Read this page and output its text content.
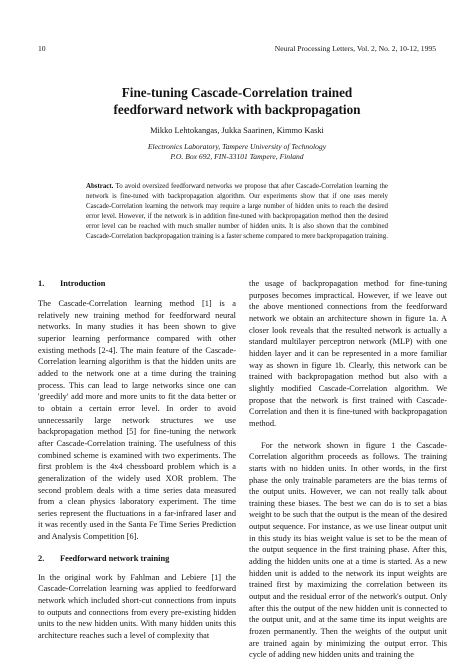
10	Neural Processing Letters, Vol. 2, No. 2, 10-12, 1995
Fine-tuning Cascade-Correlation trained
feedforward network with backpropagation
Mikko Lehtokangas, Jukka Saarinen, Kimmo Kaski
Electronics Laboratory, Tampere University of Technology
P.O. Box 692, FIN-33101 Tampere, Finland
Abstract. To avoid oversized feedforward networks we propose that after Cascade-Correlation learning the network is fine-tuned with backpropagation algorithm. Our experiments show that if one uses merely Cascade-Correlation learning the network may require a large number of hidden units to reach the desired error level. However, if the network is in addition fine-tuned with backpropagation method then the desired error level can be reached with much smaller number of hidden units. It is also shown that the combined Cascade-Correlation backpropagation training is a faster scheme compared to mere backpropagation training.

1. Introduction

The Cascade-Correlation learning method [1] is a relatively new training method for feedforward neural networks. In many studies it has been shown to give superior learning performance compared with other existing methods [2-4]. The main feature of the Cascade-Correlation learning algorithm is that the hidden units are added to the network one at a time during the training process. This can lead to large networks since one can 'greedily' add more and more units to fit the data better or to obtain a certain error level. In order to avoid unnecessarily large network structures we use backpropagation method [5] for fine-tuning the network after Cascade-Correlation training. The usefulness of this combined scheme is examined with two experiments. The first problem is the 4x4 chessboard problem which is a generalization of the widely used XOR problem. The second problem deals with a time series data measured from a clean physics laboratory experiment. The time series represent the fluctuations in a far-infrared laser and it was recently used in the Santa Fe Time Series Prediction and Analysis Competition [6].

2. Feedforward network training

In the original work by Fahlman and Lebiere [1] the Cascade-Correlation learning was applied to feedforward network which included short-cut connections from inputs to outputs and connections from every pre-existing hidden units to the new hidden units. With many hidden units this architecture reaches such a level of complexity that

the usage of backpropagation method for fine-tuning purposes becomes impractical. However, if we leave out the above mentioned connections from the feedforward network we obtain an architecture shown in figure 1a. A closer look reveals that the resulted network is actually a standard multilayer perceptron network (MLP) with one hidden layer and it can be represented in a more familiar way as shown in figure 1b. Clearly, this network can be trained with backpropagation method but also with a slightly modified Cascade-Correlation algorithm. We propose that the network is first trained with Cascade-Correlation and then it is fine-tuned with backpropagation method.

For the network shown in figure 1 the Cascade-Correlation algorithm proceeds as follows. The training starts with no hidden units. In other words, in the first phase the only trainable parameters are the bias terms of the output units. However, we can not really talk about training these biases. The best we can do is to set a bias weight to be such that the output is the mean of the desired output sequence. For instance, as we use linear output unit in this study its bias weight value is set to be the mean of the output sequence in the first training phase. After this, adding the hidden units one at a time is started. As a new hidden unit is added to the network its input weights are trained first by maximizing the correlation between its output and the residual error of the network's output. Only after this the output of the new hidden unit is connected to the output unit, and at the same time its input weights are frozen permanently. Then the weights of the output unit are trained again by minimizing the output error. This cycle of adding new hidden units and training the
